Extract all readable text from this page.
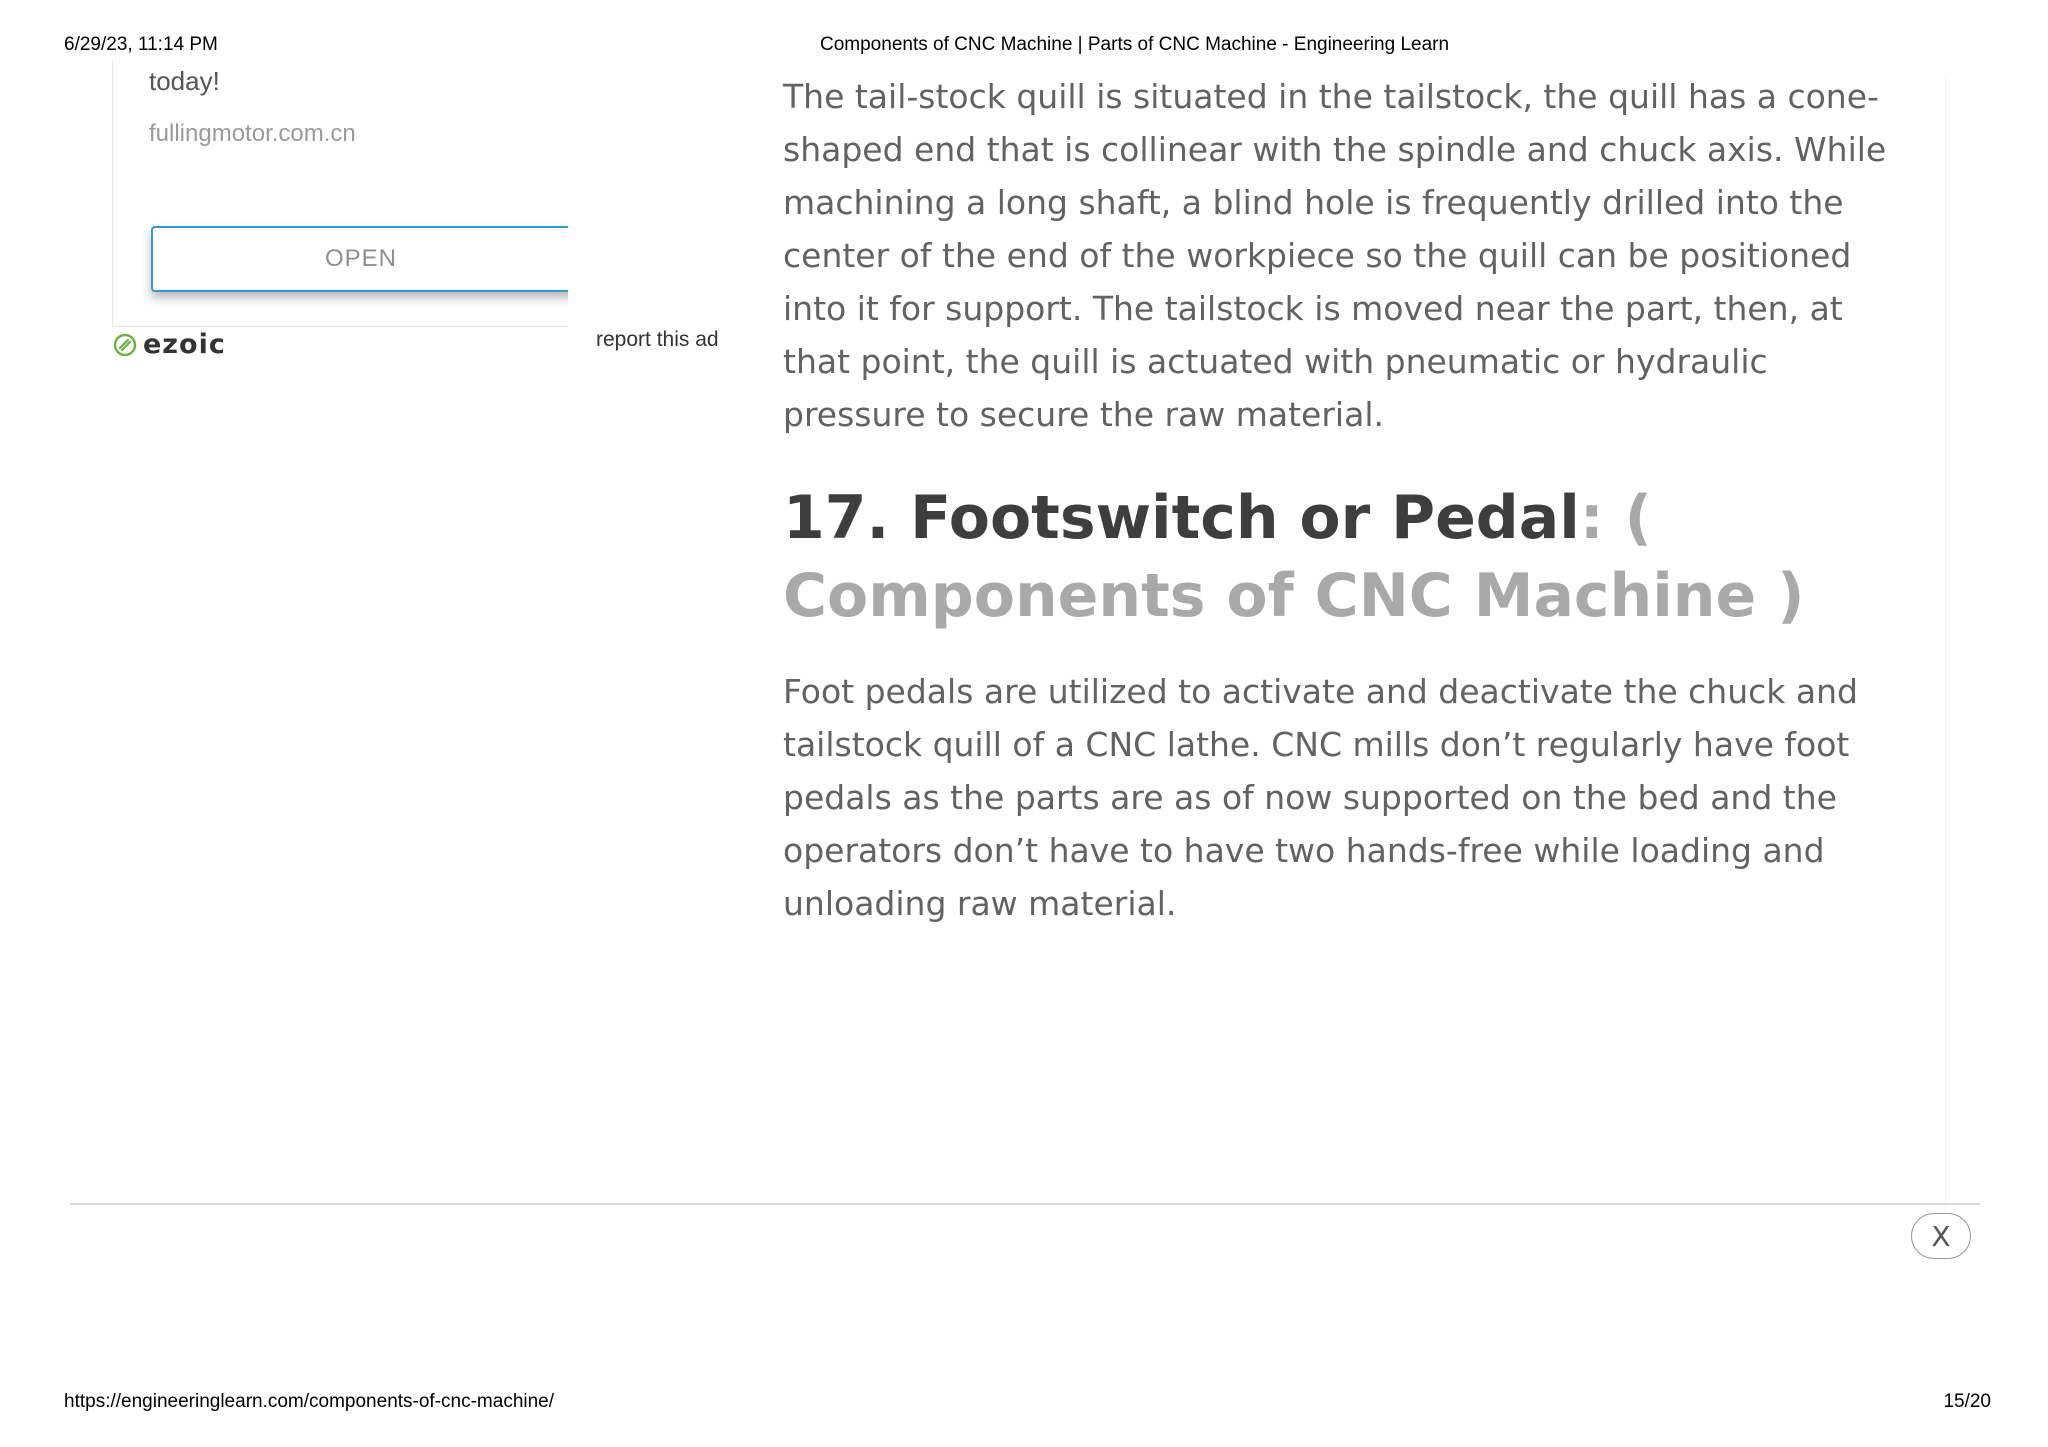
6/29/23, 11:14 PM	Components of CNC Machine | Parts of CNC Machine - Engineering Learn
today!
fullingmotor.com.cn
OPEN
ezoic	report this ad

The tail-stock quill is situated in the tailstock, the quill has a cone-shaped end that is collinear with the spindle and chuck axis. While machining a long shaft, a blind hole is frequently drilled into the center of the end of the workpiece so the quill can be positioned into it for support. The tailstock is moved near the part, then, at that point, the quill is actuated with pneumatic or hydraulic pressure to secure the raw material.

17. Footswitch or Pedal: ( Components of CNC Machine )

Foot pedals are utilized to activate and deactivate the chuck and tailstock quill of a CNC lathe. CNC mills don’t regularly have foot pedals as the parts are as of now supported on the bed and the operators don’t have to have two hands-free while loading and unloading raw material.

X
https://engineeringlearn.com/components-of-cnc-machine/	15/20
